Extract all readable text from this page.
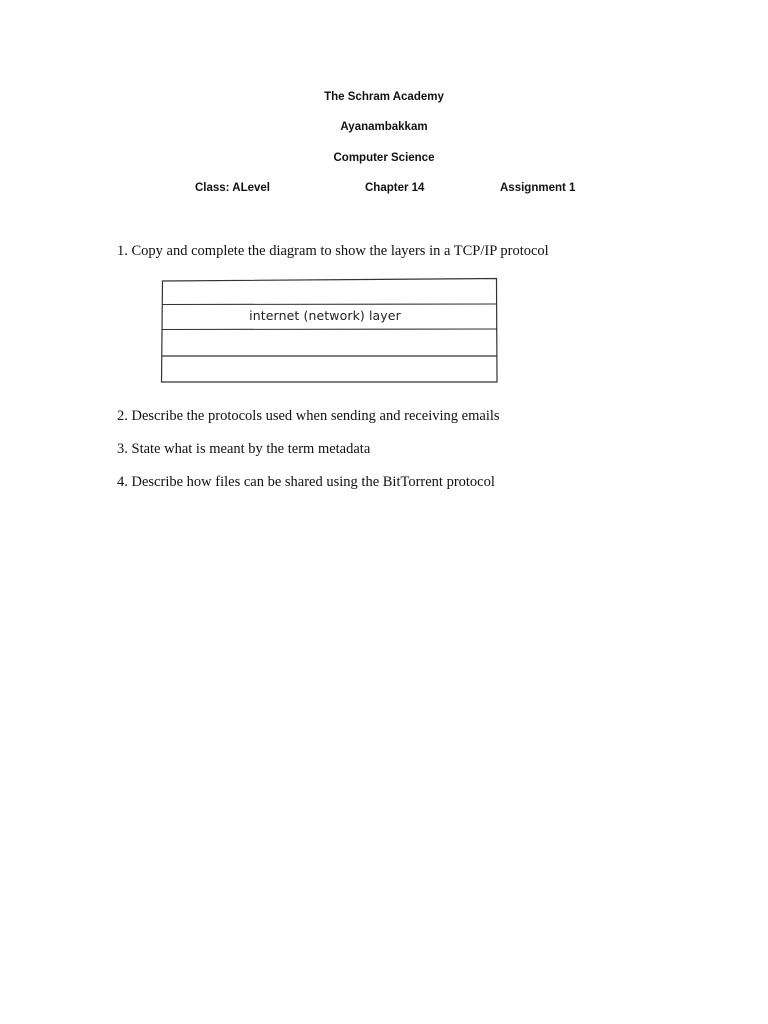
The Schram Academy
Ayanambakkam
Computer Science
Class: ALevel	Chapter 14	Assignment 1
1. Copy and complete the diagram to show the layers in a TCP/IP protocol
internet (network) layer
2. Describe the protocols used when sending and receiving emails
3. State what is meant by the term metadata
4. Describe how files can be shared using the BitTorrent protocol
